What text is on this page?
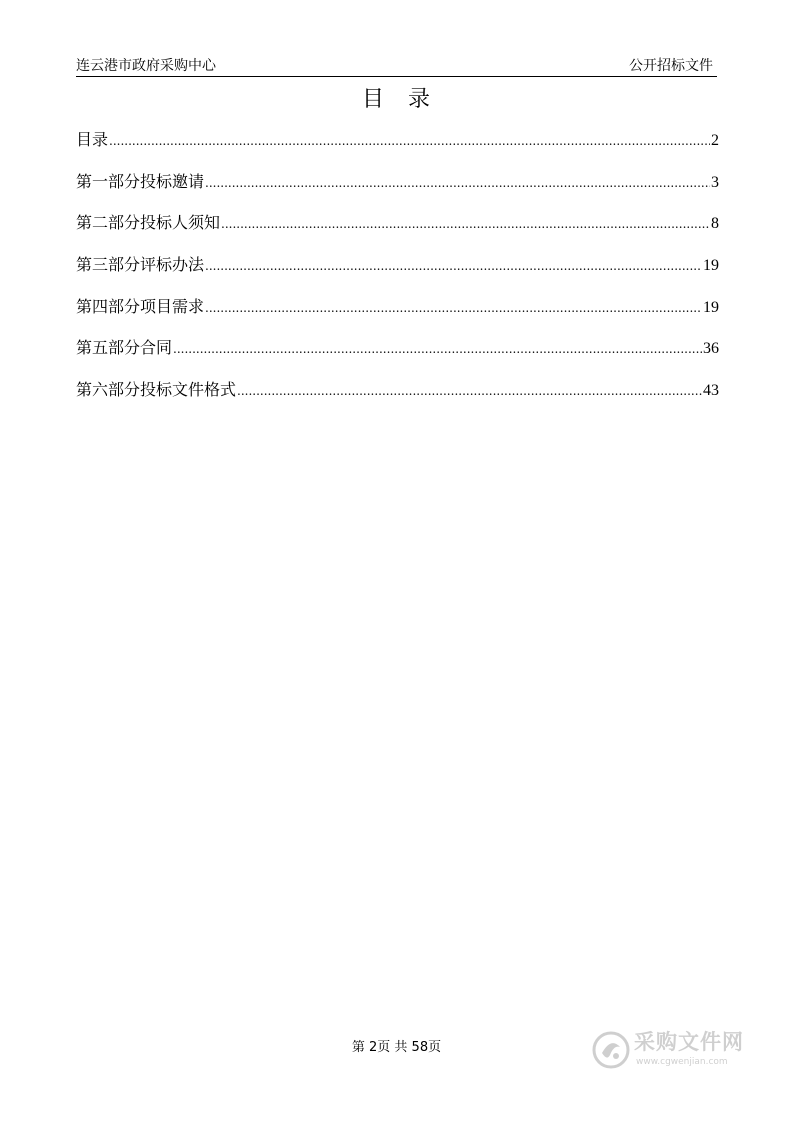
连云港市政府采购中心	公开招标文件
目　录
目录 .....	2
第一部分投标邀请 .....	3
第二部分投标人须知 .....	8
第三部分评标办法 .....	19
第四部分项目需求 .....	19
第五部分合同 .....	36
第六部分投标文件格式 .....	43
第 2页 共 58页	采购文件网
www.cgwenjian.com
